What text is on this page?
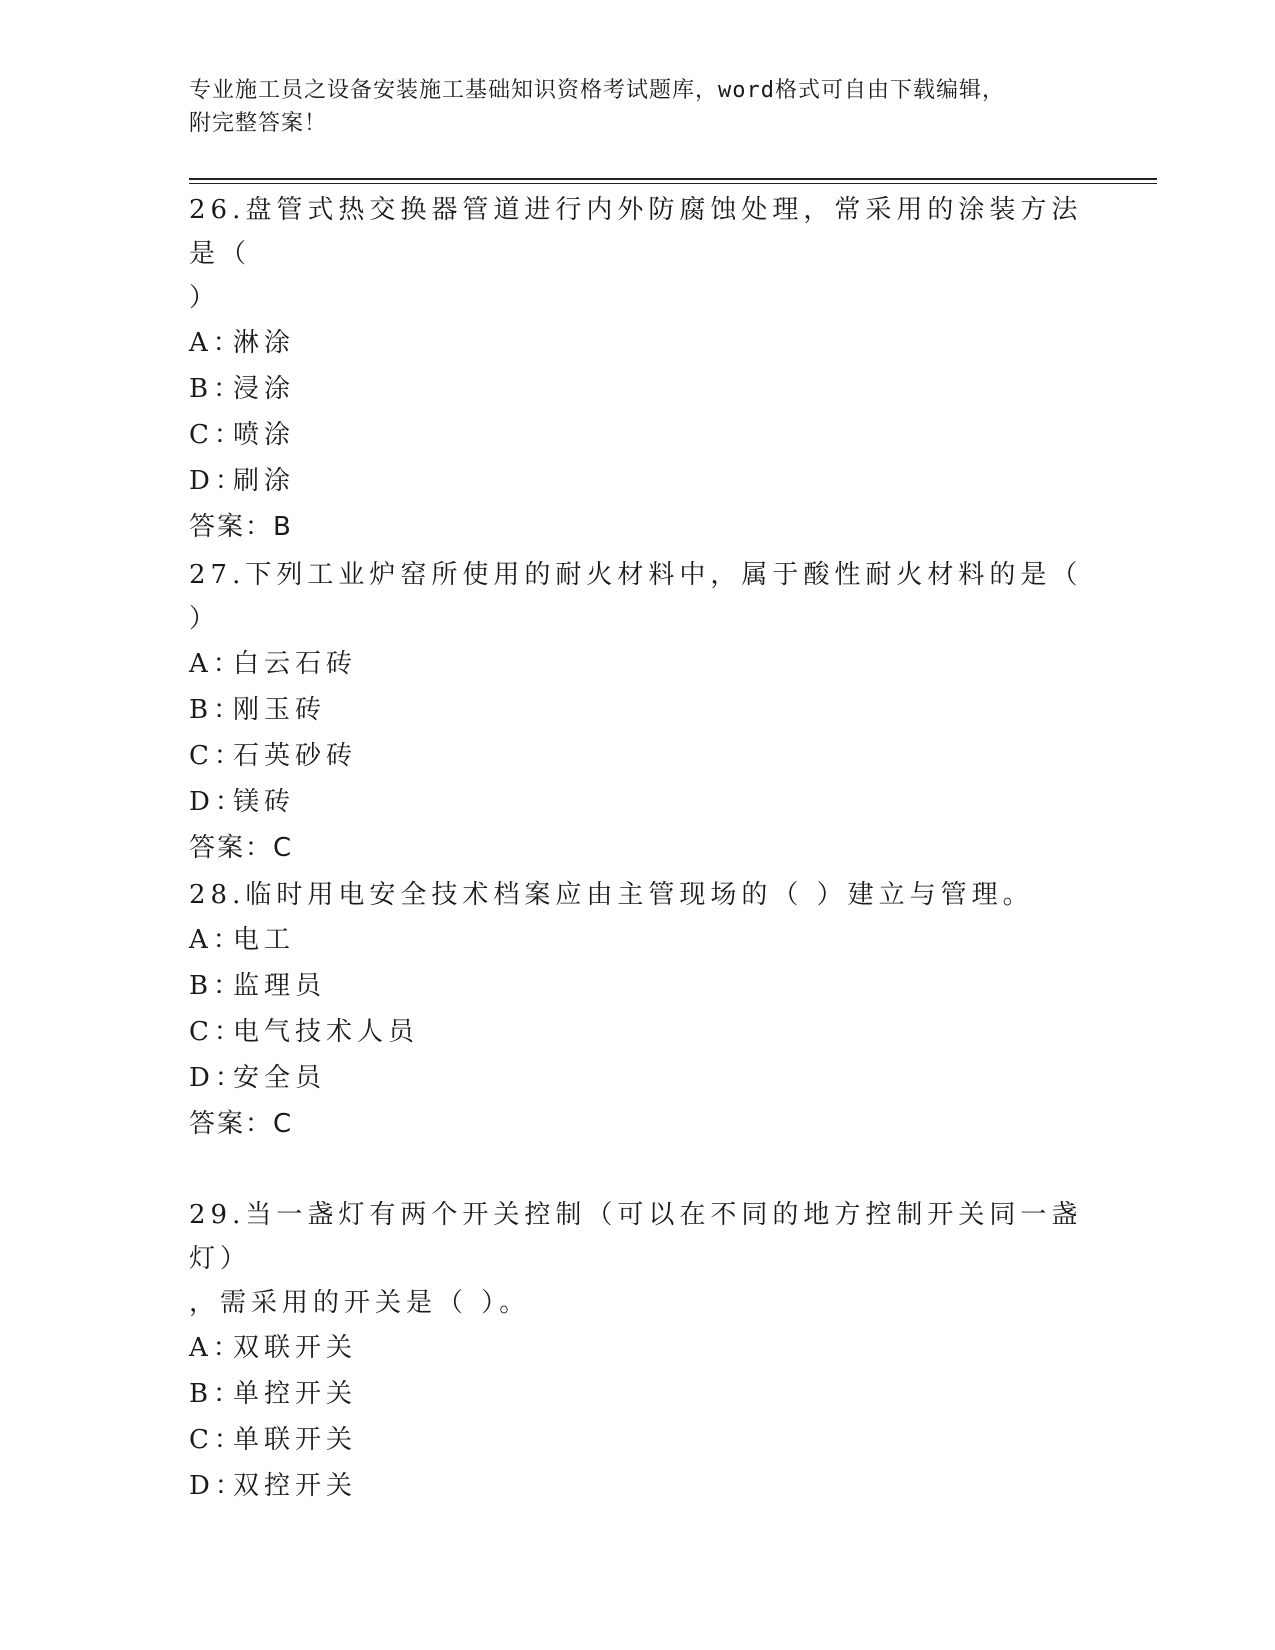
专业施工员之设备安装施工基础知识资格考试题库，word格式可自由下载编辑，
附完整答案！
26.盘管式热交换器管道进行内外防腐蚀处理，常采用的涂装方法是（
）
A：淋涂
B：浸涂
C：喷涂
D：刷涂
答案：B
27.下列工业炉窑所使用的耐火材料中，属于酸性耐火材料的是（ ）
A：白云石砖
B：刚玉砖
C：石英砂砖
D：镁砖
答案：C
28.临时用电安全技术档案应由主管现场的（ ）建立与管理。
A：电工
B：监理员
C：电气技术人员
D：安全员
答案：C
29.当一盏灯有两个开关控制（可以在不同的地方控制开关同一盏灯）
，需采用的开关是（ ）。
A：双联开关
B：单控开关
C：单联开关
D：双控开关
